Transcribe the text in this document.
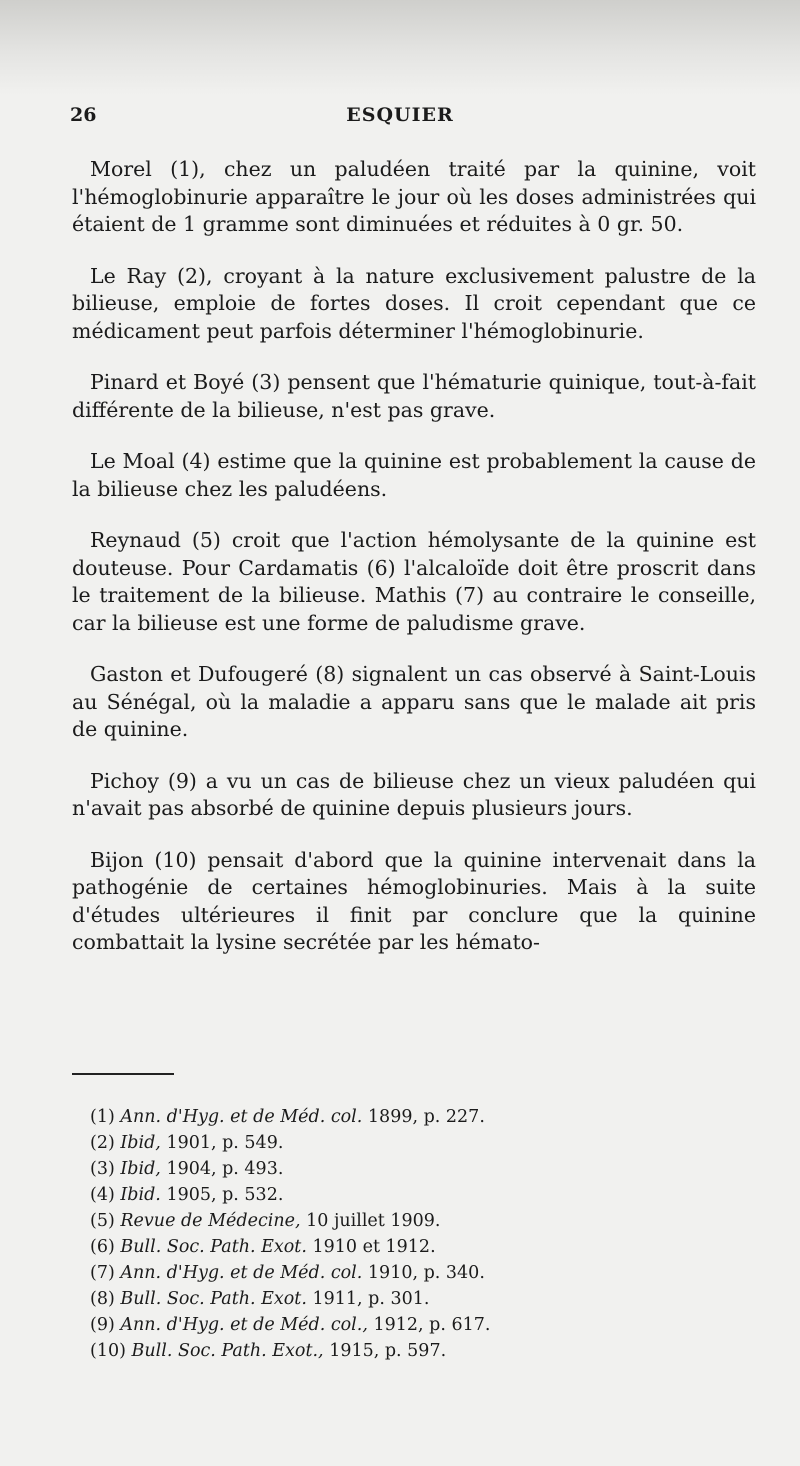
26	ESQUIER

Morel (1), chez un paludéen traité par la quinine, voit l'hémoglobinurie apparaître le jour où les doses administrées qui étaient de 1 gramme sont diminuées et réduites à 0 gr. 50.

Le Ray (2), croyant à la nature exclusivement palustre de la bilieuse, emploie de fortes doses. Il croit cependant que ce médicament peut parfois déterminer l'hémoglobinurie.

Pinard et Boyé (3) pensent que l'hématurie quinique, tout-à-fait différente de la bilieuse, n'est pas grave.

Le Moal (4) estime que la quinine est probablement la cause de la bilieuse chez les paludéens.

Reynaud (5) croit que l'action hémolysante de la quinine est douteuse. Pour Cardamatis (6) l'alcaloïde doit être proscrit dans le traitement de la bilieuse. Mathis (7) au contraire le conseille, car la bilieuse est une forme de paludisme grave.

Gaston et Dufougeré (8) signalent un cas observé à Saint-Louis au Sénégal, où la maladie a apparu sans que le malade ait pris de quinine.

Pichoy (9) a vu un cas de bilieuse chez un vieux paludéen qui n'avait pas absorbé de quinine depuis plusieurs jours.

Bijon (10) pensait d'abord que la quinine intervenait dans la pathogénie de certaines hémoglobinuries. Mais à la suite d'études ultérieures il finit par conclure que la quinine combattait la lysine secrétée par les hémato-

(1) Ann. d'Hyg. et de Méd. col. 1899, p. 227.
(2) Ibid, 1901, p. 549.
(3) Ibid, 1904, p. 493.
(4) Ibid. 1905, p. 532.
(5) Revue de Médecine, 10 juillet 1909.
(6) Bull. Soc. Path. Exot. 1910 et 1912.
(7) Ann. d'Hyg. et de Méd. col. 1910, p. 340.
(8) Bull. Soc. Path. Exot. 1911, p. 301.
(9) Ann. d'Hyg. et de Méd. col., 1912, p. 617.
(10) Bull. Soc. Path. Exot., 1915, p. 597.
